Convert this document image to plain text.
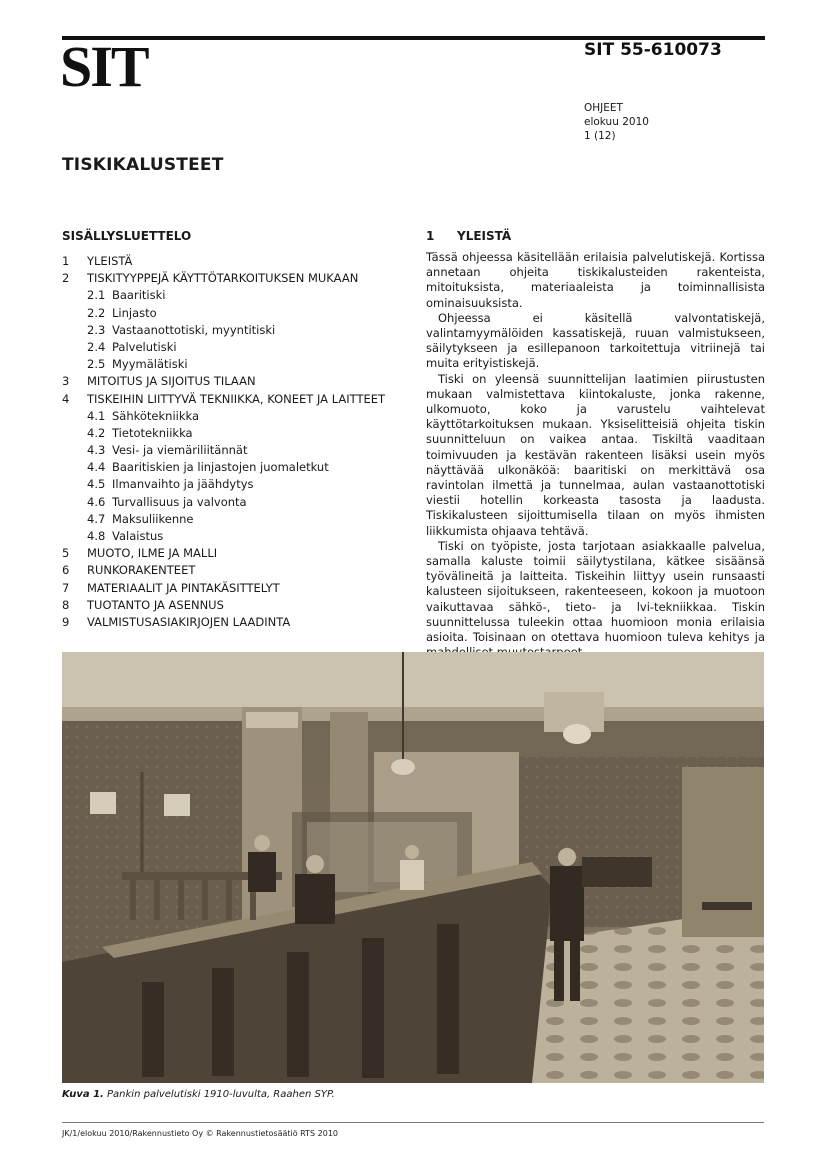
SIT	SIT 55-610073
OHJEET
elokuu 2010
1 (12)
TISKIKALUSTEET
SISÄLLYSLUETTELO
1 YLEISTÄ
2 TISKITYYPPEJÄ KÄYTTÖTARKOITUKSEN MUKAAN
2.1 Baaritiski
2.2 Linjasto
2.3 Vastaanottotiski, myyntitiski
2.4 Palvelutiski
2.5 Myymälätiski
3 MITOITUS JA SIJOITUS TILAAN
4 TISKEIHIN LIITTYVÄ TEKNIIKKA, KONEET JA LAITTEET
4.1 Sähkötekniikka
4.2 Tietotekniikka
4.3 Vesi- ja viemäriliitännät
4.4 Baaritiskien ja linjastojen juomaletkut
4.5 Ilmanvaihto ja jäähdytys
4.6 Turvallisuus ja valvonta
4.7 Maksuliikenne
4.8 Valaistus
5 MUOTO, ILME JA MALLI
6 RUNKORAKENTEET
7 MATERIAALIT JA PINTAKÄSITTELYT
8 TUOTANTO JA ASENNUS
9 VALMISTUSASIAKIRJOJEN LAADINTA
1 YLEISTÄ

Tässä ohjeessa käsitellään erilaisia palvelutiskejä. Kortissa annetaan ohjeita tiskikalusteiden rakenteista, mitoituksista, materiaaleista ja toiminnallisista ominaisuuksista.

Ohjeessa ei käsitellä valvontatiskejä, valintamyymälöiden kassatiskejä, ruuan valmistukseen, säilytykseen ja esillepanoon tarkoitettuja vitriinejä tai muita erityistiskejä.

Tiski on yleensä suunnittelijan laatimien piirustusten mukaan valmistettava kiintokaluste, jonka rakenne, ulkomuoto, koko ja varustelu vaihtelevat käyttötarkoituksen mukaan. Yksiselitteisiä ohjeita tiskin suunnitteluun on vaikea antaa. Tiskiltä vaaditaan toimivuuden ja kestävän rakenteen lisäksi usein myös näyttävää ulkonäköä: baaritiski on merkittävä osa ravintolan ilmettä ja tunnelmaa, aulan vastaanottotiski viestii hotellin korkeasta tasosta ja laadusta. Tiskikalusteen sijoittumisella tilaan on myös ihmisten liikkumista ohjaava tehtävä.

Tiski on työpiste, josta tarjotaan asiakkaalle palvelua, samalla kaluste toimii säilytystilana, kätkee sisäänsä työvälineitä ja laitteita. Tiskeihin liittyy usein runsaasti kalusteen sijoitukseen, rakenteeseen, kokoon ja muotoon vaikuttavaa sähkö-, tieto- ja lvi-tekniikkaa. Tiskin suunnittelussa tuleekin ottaa huomioon monia erilaisia asioita. Toisinaan on otettava huomioon tuleva kehitys ja

Kuva 1. Pankin palvelutiski 1910-luvulta, Raahen SYP.
JK/1/elokuu 2010/Rakennustieto Oy © Rakennustietosäätiö RTS 2010
